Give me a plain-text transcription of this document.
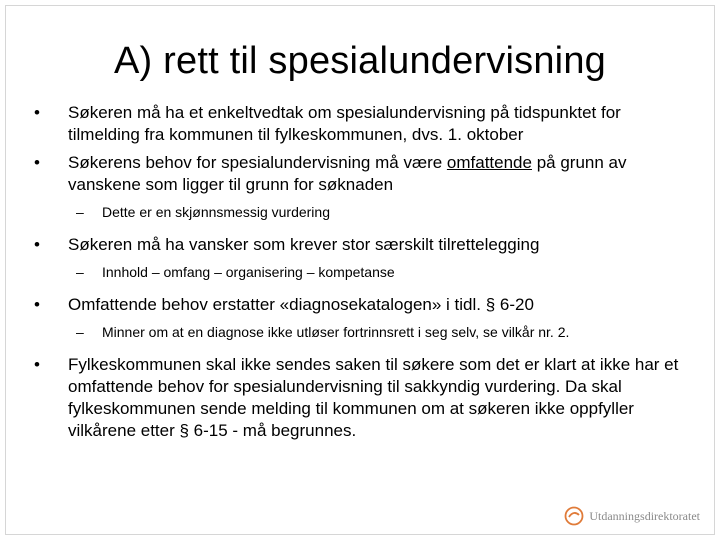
A) rett til spesialundervisning
• Søkeren må ha et enkeltvedtak om spesialundervisning på tidspunktet for tilmelding fra kommunen til fylkeskommunen, dvs. 1. oktober
• Søkerens behov for spesialundervisning må være omfattende på grunn av vanskene som ligger til grunn for søknaden
– Dette er en skjønnsmessig vurdering
• Søkeren må ha vansker som krever stor særskilt tilrettelegging
– Innhold – omfang – organisering – kompetanse
• Omfattende behov erstatter «diagnosekatalogen» i tidl. § 6-20
– Minner om at en diagnose ikke utløser fortrinnsrett i seg selv, se vilkår nr. 2.
• Fylkeskommunen skal ikke sendes saken til søkere som det er klart at ikke har et omfattende behov for spesialundervisning til sakkyndig vurdering. Da skal fylkeskommunen sende melding til kommunen om at søkeren ikke oppfyller vilkårene etter § 6-15 - må begrunnes.
Utdanningsdirektoratet
